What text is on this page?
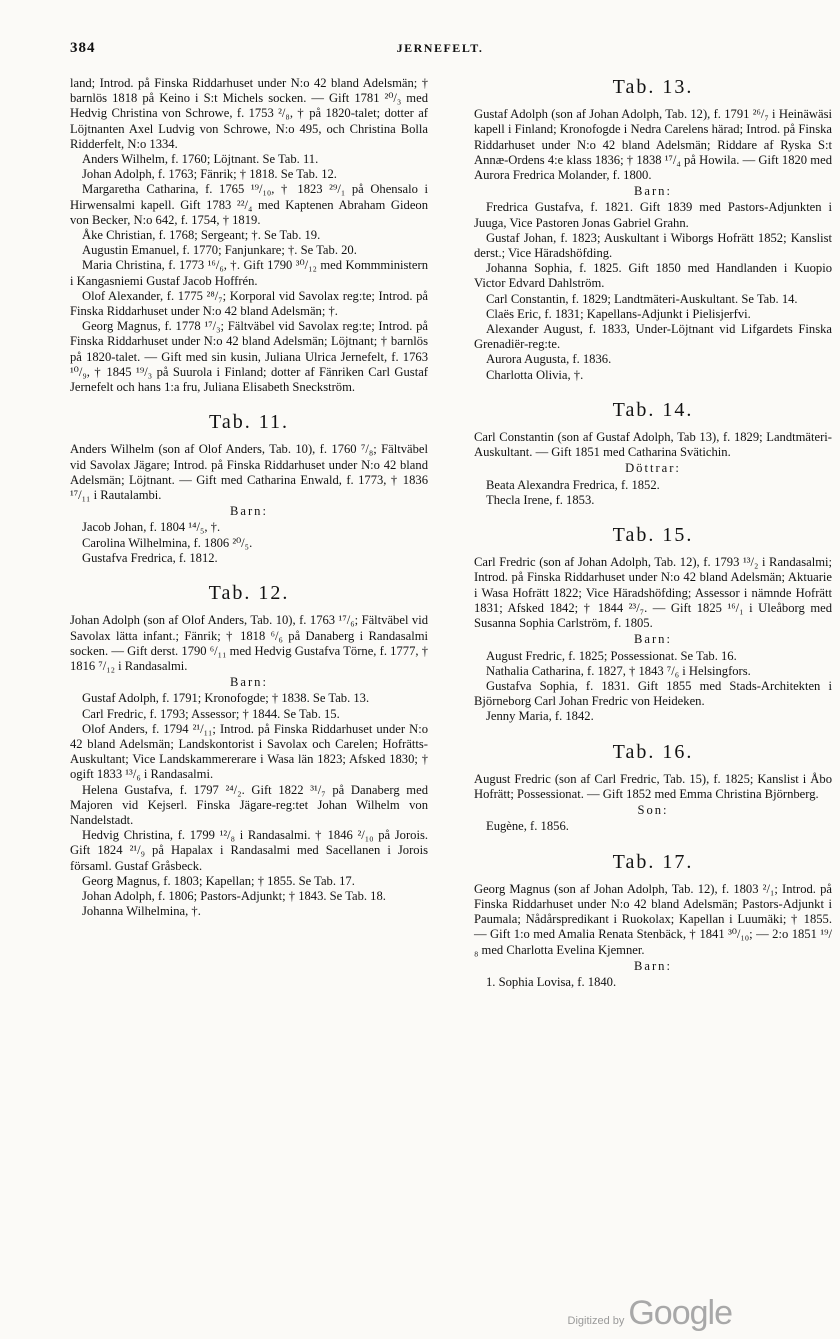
384	JERNEFELT.

land; Introd. på Finska Riddarhuset under N:o 42 bland Adelsmän; † barnlös 1818 på Keino i S:t Michels socken. — Gift 1781 ²⁰/₃ med Hedvig Christina von Schrowe, f. 1753 ²/₈, † på 1820-talet; dotter af Löjtnanten Axel Ludvig von Schrowe, N:o 495, och Christina Bolla Ridderfelt, N:o 1334.

Anders Wilhelm, f. 1760; Löjtnant. Se Tab. 11.

Johan Adolph, f. 1763; Fänrik; † 1818. Se Tab. 12.

Margaretha Catharina, f. 1765 ¹⁹/₁₀, † 1823 ²⁹/₁ på Ohensalo i Hirwensalmi kapell. Gift 1783 ²²/₄ med Kaptenen Abraham Gideon von Becker, N:o 642, f. 1754, † 1819.

Åke Christian, f. 1768; Sergeant; †. Se Tab. 19.

Augustin Emanuel, f. 1770; Fanjunkare; †. Se Tab. 20.

Maria Christina, f. 1773 ¹⁶/₆, †. Gift 1790 ³⁰/₁₂ med Kommministern i Kangasniemi Gustaf Jacob Hoffrén.

Olof Alexander, f. 1775 ²⁸/₇; Korporal vid Savolax reg:te; Introd. på Finska Riddarhuset under N:o 42 bland Adelsmän; †.

Georg Magnus, f. 1778 ¹⁷/₃; Fältväbel vid Savolax reg:te; Introd. på Finska Riddarhuset under N:o 42 bland Adelsmän; Löjtnant; † barnlös på 1820-talet. — Gift med sin kusin, Juliana Ulrica Jernefelt, f. 1763 ¹⁰/₉, † 1845 ¹⁹/₃ på Suurola i Finland; dotter af Fänriken Carl Gustaf Jernefelt och hans 1:a fru, Juliana Elisabeth Sneckström.

Tab. 11.

Anders Wilhelm (son af Olof Anders, Tab. 10), f. 1760 ⁷/₈; Fältväbel vid Savolax Jägare; Introd. på Finska Riddarhuset under N:o 42 bland Adelsmän; Löjtnant. — Gift med Catharina Enwald, f. 1773, † 1836 ¹⁷/₁₁ i Rautalambi.

Barn:

Jacob Johan, f. 1804 ¹⁴/₅, †.

Carolina Wilhelmina, f. 1806 ²⁰/₅.

Gustafva Fredrica, f. 1812.

Tab. 12.

Johan Adolph (son af Olof Anders, Tab. 10), f. 1763 ¹⁷/₆; Fältväbel vid Savolax lätta infant.; Fänrik; † 1818 ⁶/₆ på Danaberg i Randasalmi socken. — Gift derst. 1790 ⁶/₁₁ med Hedvig Gustafva Törne, f. 1777, † 1816 ⁷/₁₂ i Randasalmi.

Barn:

Gustaf Adolph, f. 1791; Kronofogde; † 1838. Se Tab. 13.

Carl Fredric, f. 1793; Assessor; † 1844. Se Tab. 15.

Olof Anders, f. 1794 ²¹/₁₁; Introd. på Finska Riddarhuset under N:o 42 bland Adelsmän; Landskontorist i Savolax och Carelen; Hofrätts-Auskultant; Vice Landskammererare i Wasa län 1823; Afsked 1830; † ogift 1833 ¹³/₆ i Randasalmi.

Helena Gustafva, f. 1797 ²⁴/₂. Gift 1822 ³¹/₇ på Danaberg med Majoren vid Kejserl. Finska Jägare-reg:tet Johan Wilhelm von Nandelstadt.

Hedvig Christina, f. 1799 ¹²/₈ i Randasalmi. † 1846 ²/₁₀ på Jorois. Gift 1824 ²¹/₉ på Hapalax i Randasalmi med Sacellanen i Jorois församl. Gustaf Gråsbeck.

Georg Magnus, f. 1803; Kapellan; † 1855. Se Tab. 17.

Johan Adolph, f. 1806; Pastors-Adjunkt; † 1843. Se Tab. 18.

Johanna Wilhelmina, †.

Tab. 13.

Gustaf Adolph (son af Johan Adolph, Tab. 12), f. 1791 ²⁶/₇ i Heinäwäsi kapell i Finland; Kronofogde i Nedra Carelens härad; Introd. på Finska Riddarhuset under N:o 42 bland Adelsmän; Riddare af Ryska S:t Annæ-Ordens 4:e klass 1836; † 1838 ¹⁷/₄ på Howila. — Gift 1820 med Aurora Fredrica Molander, f. 1800.

Barn:

Fredrica Gustafva, f. 1821. Gift 1839 med Pastors-Adjunkten i Juuga, Vice Pastoren Jonas Gabriel Grahn.

Gustaf Johan, f. 1823; Auskultant i Wiborgs Hofrätt 1852; Kanslist derst.; Vice Häradshöfding.

Johanna Sophia, f. 1825. Gift 1850 med Handlanden i Kuopio Victor Edvard Dahlström.

Carl Constantin, f. 1829; Landtmäteri-Auskultant. Se Tab. 14.

Claës Eric, f. 1831; Kapellans-Adjunkt i Pielisjerfvi.

Alexander August, f. 1833, Under-Löjtnant vid Lifgardets Finska Grenadiër-reg:te.

Aurora Augusta, f. 1836.

Charlotta Olivia, †.

Tab. 14.

Carl Constantin (son af Gustaf Adolph, Tab 13), f. 1829; Landtmäteri-Auskultant. — Gift 1851 med Catharina Svätichin.

Döttrar:

Beata Alexandra Fredrica, f. 1852.

Thecla Irene, f. 1853.

Tab. 15.

Carl Fredric (son af Johan Adolph, Tab. 12), f. 1793 ¹³/₂ i Randasalmi; Introd. på Finska Riddarhuset under N:o 42 bland Adelsmän; Aktuarie i Wasa Hofrätt 1822; Vice Häradshöfding; Assessor i nämnde Hofrätt 1831; Afsked 1842; † 1844 ²³/₇. — Gift 1825 ¹⁶/₁ i Uleåborg med Susanna Sophia Carlström, f. 1805.

Barn:

August Fredric, f. 1825; Possessionat. Se Tab. 16.

Nathalia Catharina, f. 1827, † 1843 ⁷/₆ i Helsingfors.

Gustafva Sophia, f. 1831. Gift 1855 med Stads-Architekten i Björneborg Carl Johan Fredric von Heideken.

Jenny Maria, f. 1842.

Tab. 16.

August Fredric (son af Carl Fredric, Tab. 15), f. 1825; Kanslist i Åbo Hofrätt; Possessionat. — Gift 1852 med Emma Christina Björnberg.

Son:

Eugène, f. 1856.

Tab. 17.

Georg Magnus (son af Johan Adolph, Tab. 12), f. 1803 ²/₁; Introd. på Finska Riddarhuset under N:o 42 bland Adelsmän; Pastors-Adjunkt i Paumala; Nådårspredikant i Ruokolax; Kapellan i Luumäki; † 1855. — Gift 1:o med Amalia Renata Stenbäck, † 1841 ³⁰/₁₀; — 2:o 1851 ¹⁹/₈ med Charlotta Evelina Kjemner.

Barn:

1. Sophia Lovisa, f. 1840.

Digitized by Google
